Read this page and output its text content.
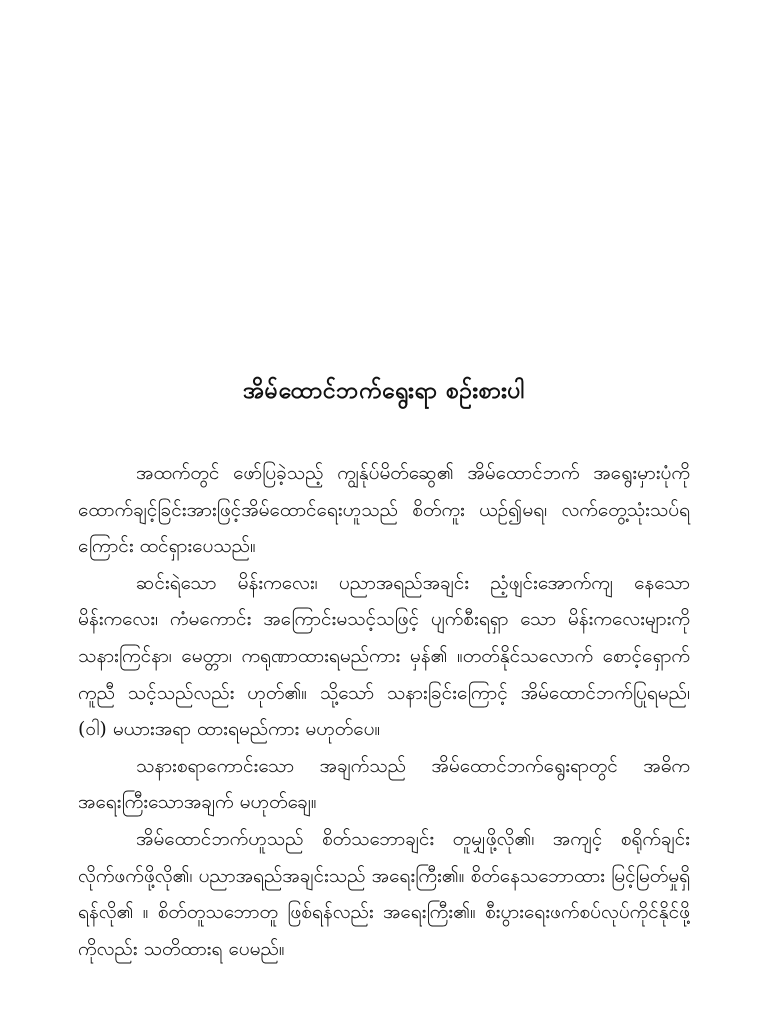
အိမ်ထောင်ဘက်ရွေးရာ စဉ်းစားပါ

အထက်တွင် ဖော်ပြခဲ့သည့် ကျွန်ုပ်မိတ်ဆွေ၏ အိမ်ထောင်ဘက် အရွေးမှားပုံကို ထောက်ချင့်ခြင်းအားဖြင့်အိမ်ထောင်ရေးဟူသည် စိတ်ကူး ယဉ်၍မရ၊ လက်တွေ့သုံးသပ်ရကြောင်း ထင်ရှားပေသည်။

ဆင်းရဲသော မိန်းကလေး၊ ပညာအရည်အချင်း ညံ့ဖျင်းအောက်ကျ နေသော မိန်းကလေး၊ ကံမကောင်း အကြောင်းမသင့်သဖြင့် ပျက်စီးရရှာ သော မိန်းကလေးများကို သနားကြင်နာ၊ မေတ္တာ၊ ကရုဏာထားရမည်ကား မှန်၏ ။တတ်နိုင်သလောက် စောင့်ရှောက်ကူညီ သင့်သည်လည်း ဟုတ်၏။ သို့သော် သနားခြင်းကြောင့် အိမ်ထောင်ဘက်ပြုရမည်၊ (ဝါ) မယားအရာ ထားရမည်ကား မဟုတ်ပေ။

သနားစရာကောင်းသော အချက်သည် အိမ်ထောင်ဘက်ရွေးရာတွင် အဓိက အရေးကြီးသောအချက် မဟုတ်ချေ။

အိမ်ထောင်ဘက်ဟူသည် စိတ်သဘောချင်း တူမျှဖို့လို၏၊ အကျင့် စရိုက်ချင်း လိုက်ဖက်ဖို့လို၏၊ ပညာအရည်အချင်းသည် အရေးကြီး၏။ စိတ်နေသဘောထား မြင့်မြတ်မှုရှိရန်လို၏ ။ စိတ်တူသဘောတူ ဖြစ်ရန်လည်း အရေးကြီး၏။ စီးပွားရေးဖက်စပ်လုပ်ကိုင်နိုင်ဖို့ကိုလည်း သတိထားရ ပေမည်။
